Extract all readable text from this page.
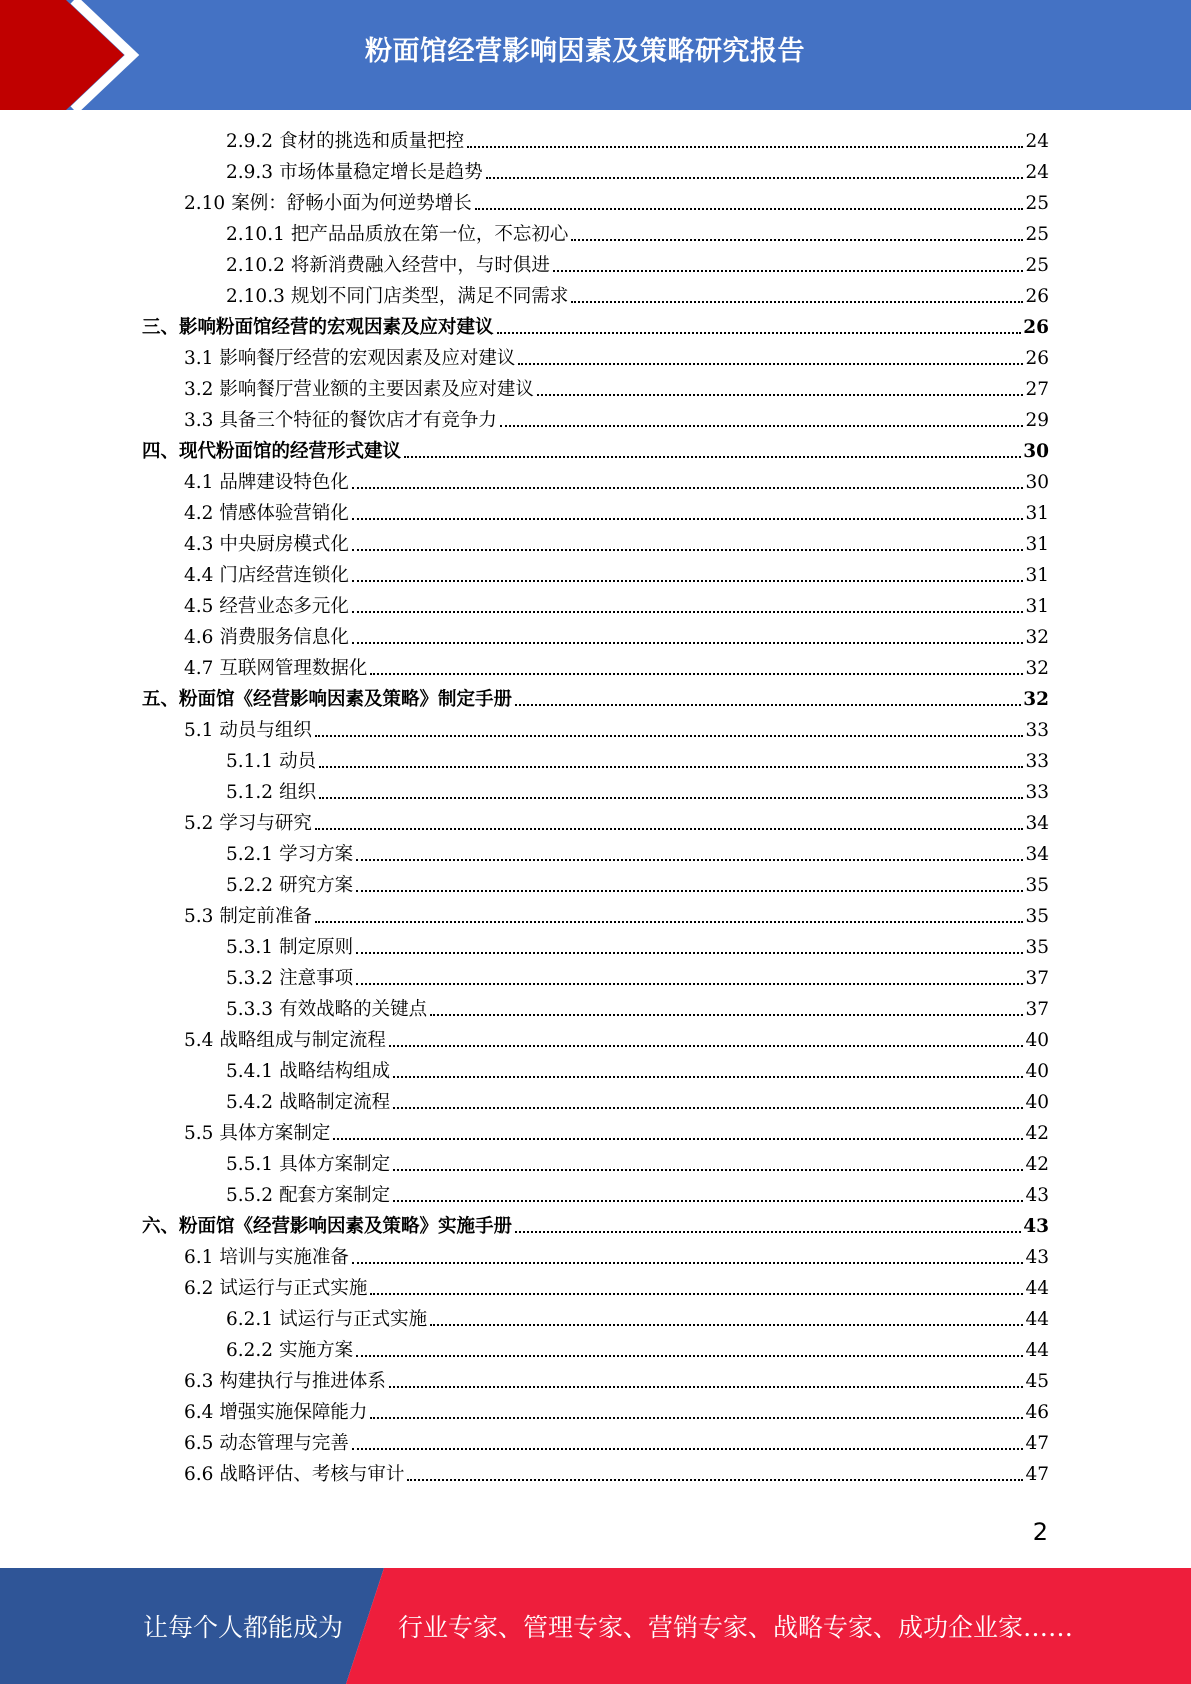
粉面馆经营影响因素及策略研究报告
2.9.2 食材的挑选和质量把控	24
2.9.3 市场体量稳定增长是趋势	24
2.10 案例：舒畅小面为何逆势增长	25
2.10.1 把产品品质放在第一位，不忘初心	25
2.10.2 将新消费融入经营中，与时俱进	25
2.10.3 规划不同门店类型，满足不同需求	26
三、 影响粉面馆经营的宏观因素及应对建议	26
3.1 影响餐厅经营的宏观因素及应对建议	26
3.2 影响餐厅营业额的主要因素及应对建议	27
3.3 具备三个特征的餐饮店才有竞争力	29
四、 现代粉面馆的经营形式建议	30
4.1 品牌建设特色化	30
4.2 情感体验营销化	31
4.3 中央厨房模式化	31
4.4 门店经营连锁化	31
4.5 经营业态多元化	31
4.6 消费服务信息化	32
4.7 互联网管理数据化	32
五、 粉面馆《经营影响因素及策略》制定手册	32
5.1 动员与组织	33
5.1.1 动员	33
5.1.2 组织	33
5.2 学习与研究	34
5.2.1 学习方案	34
5.2.2 研究方案	35
5.3 制定前准备	35
5.3.1 制定原则	35
5.3.2 注意事项	37
5.3.3 有效战略的关键点	37
5.4 战略组成与制定流程	40
5.4.1 战略结构组成	40
5.4.2 战略制定流程	40
5.5 具体方案制定	42
5.5.1 具体方案制定	42
5.5.2 配套方案制定	43
六、 粉面馆《经营影响因素及策略》实施手册	43
6.1 培训与实施准备	43
6.2 试运行与正式实施	44
6.2.1 试运行与正式实施	44
6.2.2 实施方案	44
6.3 构建执行与推进体系	45
6.4 增强实施保障能力	46
6.5 动态管理与完善	47
6.6 战略评估、考核与审计	47
2
让每个人都能成为 行业专家、管理专家、营销专家、战略专家、成功企业家……
